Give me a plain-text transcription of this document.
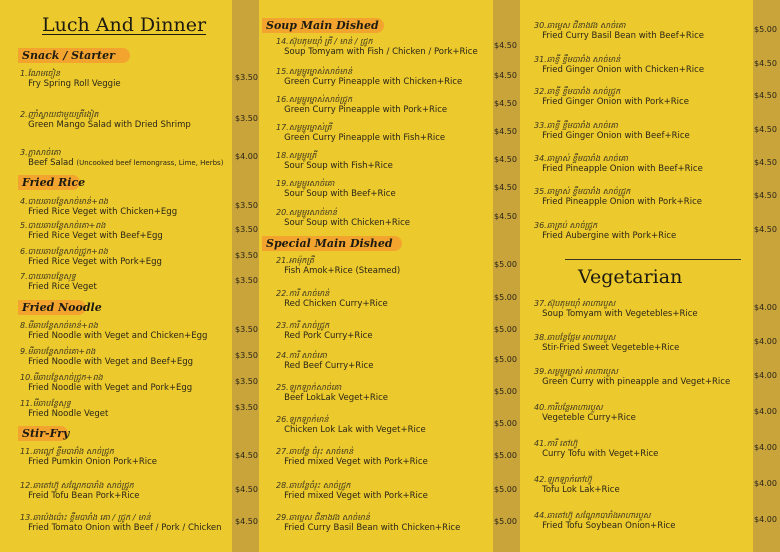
Luch And Dinner
Snack / Starter
1.ណែមចៀន
Fry Spring Roll Veggie
$3.50
2.ញាំស្វាយជាមួយត្រីងៀត
Green Mango Salad with Dried Shrimp
$3.50
3.ភ្លាសាច់គោ
Beef Salad (Uncooked beef lemongrass, Lime, Herbs)
$4.00
Fried Rice
4.បាយឆាបន្លែសាច់មាន់+ពង
Fried Rice Veget with Chicken+Egg
$3.50
5.បាយឆាបន្លែសាច់គោ+ពង
Fried Rice Veget with Beef+Egg
$3.50
6.បាយឆាបន្លែសាច់ជ្រូក+ពង
Fried Rice Veget with Pork+Egg
$3.50
7.បាយឆាបន្លែសុទ្ធ
Fried Rice Veget
$3.50
Fried Noodle
8.មីឆាបន្លែសាច់មាន់+ពង
Fried Noodle with Veget and Chicken+Egg
$3.50
9.មីឆាបន្លែសាច់គោ+ពង
Fried Noodle with Veget and Beef+Egg
$3.50
10.មីឆាបន្លែសាច់ជ្រូក+ពង
Fried Noodle with Veget and Pork+Egg
$3.50
11.មីឆាបន្លែសុទ្ធ
Fried Noodle Veget
$3.50
Stir-Fry
11.ឆាល្ពៅ ខ្ទឹមបារាំង សាច់ជ្រូក
Fried Pumkin Onion Pork+Rice
$4.50
12.ឆាតៅហ៊ូ សណ្ដែកបារាំង សាច់ជ្រូក
Freid Tofu Bean Pork+Rice
$4.50
13.ឆាប៉េងប៉ោះ ខ្ទឹមបារាំង គោ / ជ្រូក / មាន់
Fried Tomato Onion with Beef / Pork / Chicken
$4.50
Soup Main Dished
14.ស៊ុបតុមយ៉ាំ ត្រី / មាន់ / ជ្រូក
Soup Tomyam with Fish / Chicken / Pork+Rice
$4.50
15.សម្លម្ជូរម្នាស់សាច់មាន់
Green Curry Pineapple with Chicken+Rice
$4.50
16.សម្លម្ជូរម្នាស់សាច់ជ្រូក
Green Curry Pineapple with Pork+Rice
$4.50
17.សម្លម្ជូរម្នាស់ត្រី
Green Curry Pineapple with Fish+Rice
$4.50
18.សម្លម្ជូរត្រី
Sour Soup with Fish+Rice
$4.50
19.សម្លម្ជូរសាច់គោ
Sour Soup with Beef+Rice
$4.50
20.សម្លម្ជូរសាច់មាន់
Sour Soup with Chicken+Rice
$4.50
Special Main Dished
21.អាម៉ុកត្រី
Fish Amok+Rice (Steamed)
$5.00
22.ការី សាច់មាន់
Red Chicken Curry+Rice
$5.00
23.ការី សាច់ជ្រូក
Red Pork Curry+Rice
$5.00
24.ការី សាច់គោ
Red Beef Curry+Rice
$5.00
25.ឡុកឡាក់សាច់គោ
Beef LokLak Veget+Rice
$5.00
26.ឡុកឡាក់មាន់
Chicken Lok Lak with Veget+Rice
$5.00
27.ឆាបន្លែ ចំរុះ សាច់មាន់
Fried mixed Veget with Pork+Rice
$5.00
28.ឆាបន្លែចំរុះ សាច់ជ្រូក
Fried mixed Veget with Pork+Rice
$5.00
29.ឆាម្ទេស ជីនាងវង សាច់មាន់
Fried Curry Basil Bean with Chicken+Rice
$5.00
30.ឆាម្ទេស ជីនាងវង សាច់គោ
Fried Curry Basil Bean with Beef+Rice
$5.00
31.ឆាខ្ញី ខ្ទឹមបារាំង សាច់មាន់
Fried Ginger Onion with Chicken+Rice
$4.50
32.ឆាខ្ញី ខ្ទឹមបារាំង សាច់ជ្រូក
Fried Ginger Onion with Pork+Rice
$4.50
33.ឆាខ្ញី ខ្ទឹមបារាំង សាច់គោ
Fried Ginger Onion with Beef+Rice
$4.50
34.ឆាម្នាស់ ខ្ទឹមបារាំង សាច់គោ
Fried Pineapple Onion with Beef+Rice
$4.50
35.ឆាម្នាស់ ខ្ទឹមបារាំង សាច់ជ្រូក
Fried Pineapple Onion with Pork+Rice
$4.50
36.ឆាត្រប់ សាច់ជ្រូក
Fried Aubergine with Pork+Rice
$4.50
37.ស៊ុបតុមយ៉ាំ អាហារបួស
Soup Tomyam with Vegetebles+Rice
$4.00
38.ឆាបន្លែផ្អែម អាហារបួស
Stir-Fried Sweet Vegeteble+Rice
$4.00
39.សម្លម្ជូរម្នាស់ អាហារបួស
Green Curry with pineapple and Veget+Rice
$4.00
40.ការីបន្លែអាហារបួស
Vegeteble Curry+Rice
$4.00
41.ការី តៅហ៊ូ
Curry Tofu with Veget+Rice
$4.00
42.ឡុកឡាក់តៅហ៊ូ
Tofu Lok Lak+Rice
$4.00
44.ឆាតៅហ៊ូ សណ្ដែកបារាំងអាហារបួស
Fried Tofu Soybean Onion+Rice
$4.00
Vegetarian
